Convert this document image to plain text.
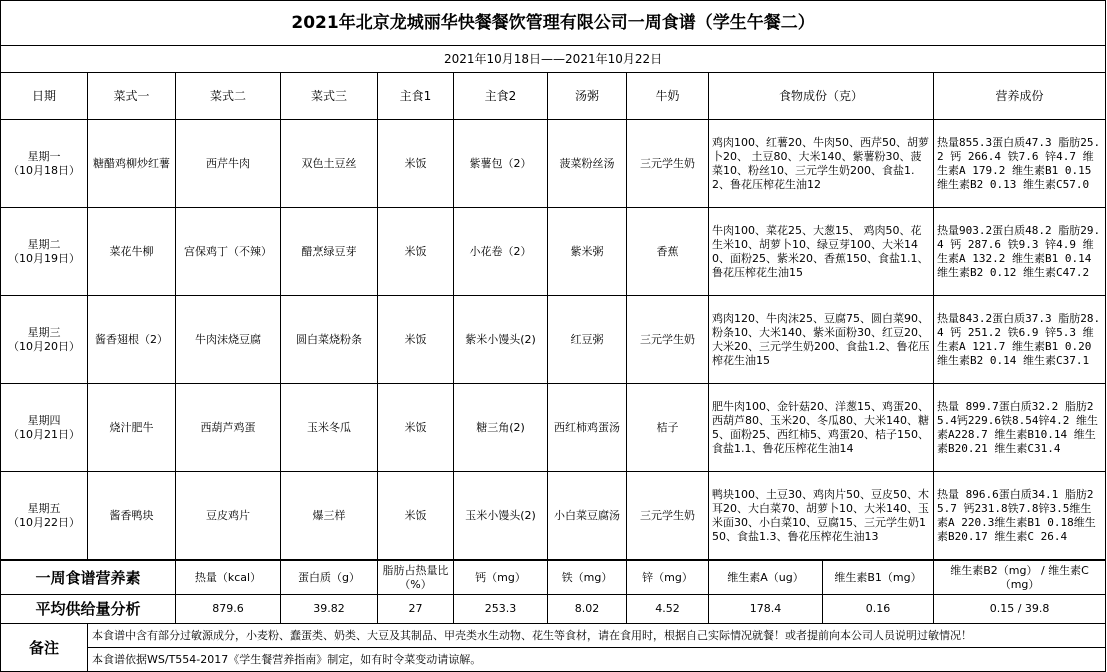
2021年北京龙城丽华快餐餐饮管理有限公司一周食谱（学生午餐二）										
2021年10月18日——2021年10月22日										
日期	菜式一	菜式二	菜式三	主食1	主食2	汤粥	牛奶	食物成份（克）		营养成份
星期一
（10月18日）	糖醋鸡柳炒红薯	西芹牛肉	双色土豆丝	米饭	紫薯包（2）	菠菜粉丝汤	三元学生奶	鸡肉100、红薯20、牛肉50、西芹50、胡萝卜20、 土豆80、大米140、紫薯粉30、菠菜10、粉丝10、三元学生奶200、食盐1.2、鲁花压榨花生油12		热量855.3蛋白质47.3 脂肪25.2 钙 266.4 铁7.6 锌4.7 维生素A 179.2 维生素B1 0.15 维生素B2 0.13 维生素C57.0
星期二
（10月19日）	菜花牛柳	宫保鸡丁（不辣）	醋烹绿豆芽	米饭	小花卷（2）	紫米粥	香蕉	牛肉100、菜花25、大葱15、 鸡肉50、花生米10、胡萝卜10、绿豆芽100、大米140、面粉25、紫米20、香蕉150、食盐1.1、鲁花压榨花生油15		热量903.2蛋白质48.2 脂肪29.4 钙 287.6 铁9.3 锌4.9 维生素A 132.2 维生素B1 0.14 维生素B2 0.12 维生素C47.2
星期三
（10月20日）	酱香翅根（2）	牛肉沫烧豆腐	圆白菜烧粉条	米饭	紫米小馒头(2)	红豆粥	三元学生奶	鸡肉120、牛肉沫25、豆腐75、圆白菜90、粉条10、大米140、紫米面粉30、红豆20、大米20、三元学生奶200、食盐1.2、鲁花压榨花生油15		热量843.2蛋白质37.3 脂肪28.4 钙 251.2 铁6.9 锌5.3 维生素A 121.7 维生素B1 0.20 维生素B2 0.14 维生素C37.1
星期四
（10月21日）	烧汁肥牛	西葫芦鸡蛋	玉米冬瓜	米饭	糖三角(2)	西红柿鸡蛋汤	桔子	肥牛肉100、金针菇20、洋葱15、鸡蛋20、西葫芦80、玉米20、冬瓜80、大米140、糖5、面粉25、西红柿5、鸡蛋20、桔子150、食盐1.1、鲁花压榨花生油14		热量 899.7蛋白质32.2 脂肪25.4钙229.6铁8.54锌4.2 维生素A228.7 维生素B10.14 维生素B20.21 维生素C31.4
星期五
（10月22日）	酱香鸭块	豆皮鸡片	爆三样	米饭	玉米小馒头(2)	小白菜豆腐汤	三元学生奶	鸭块100、土豆30、鸡肉片50、豆皮50、木耳20、大白菜70、胡萝卜10、大米140、玉米面30、小白菜10、豆腐15、三元学生奶150、食盐1.3、鲁花压榨花生油13		热量 896.6蛋白质34.1 脂肪25.7 钙231.8铁7.8锌3.5维生素A 220.3维生素B1 0.18维生素B20.17 维生素C 26.4
一周食谱营养素		热量（kcal）	蛋白质（g）	脂肪占热量比（%）	钙（mg）	铁（mg）	锌（mg）	维生素A（ug）	维生素B1（mg）	维生素B2（mg） / 维生素C（mg）
平均供给量分析		879.6	39.82	27	253.3	8.02	4.52	178.4	0.16	0.15 / 39.8
备注	本食谱中含有部分过敏源成分，小麦粉、蠢蛋类、奶类、大豆及其制品、甲壳类水生动物、花生等食材，请在食用时，根据自己实际情况就餐！或者提前向本公司人员说明过敏情况！									
	本食谱依据WS/T554-2017《学生餐营养指南》制定，如有时令菜变动请谅解。									
